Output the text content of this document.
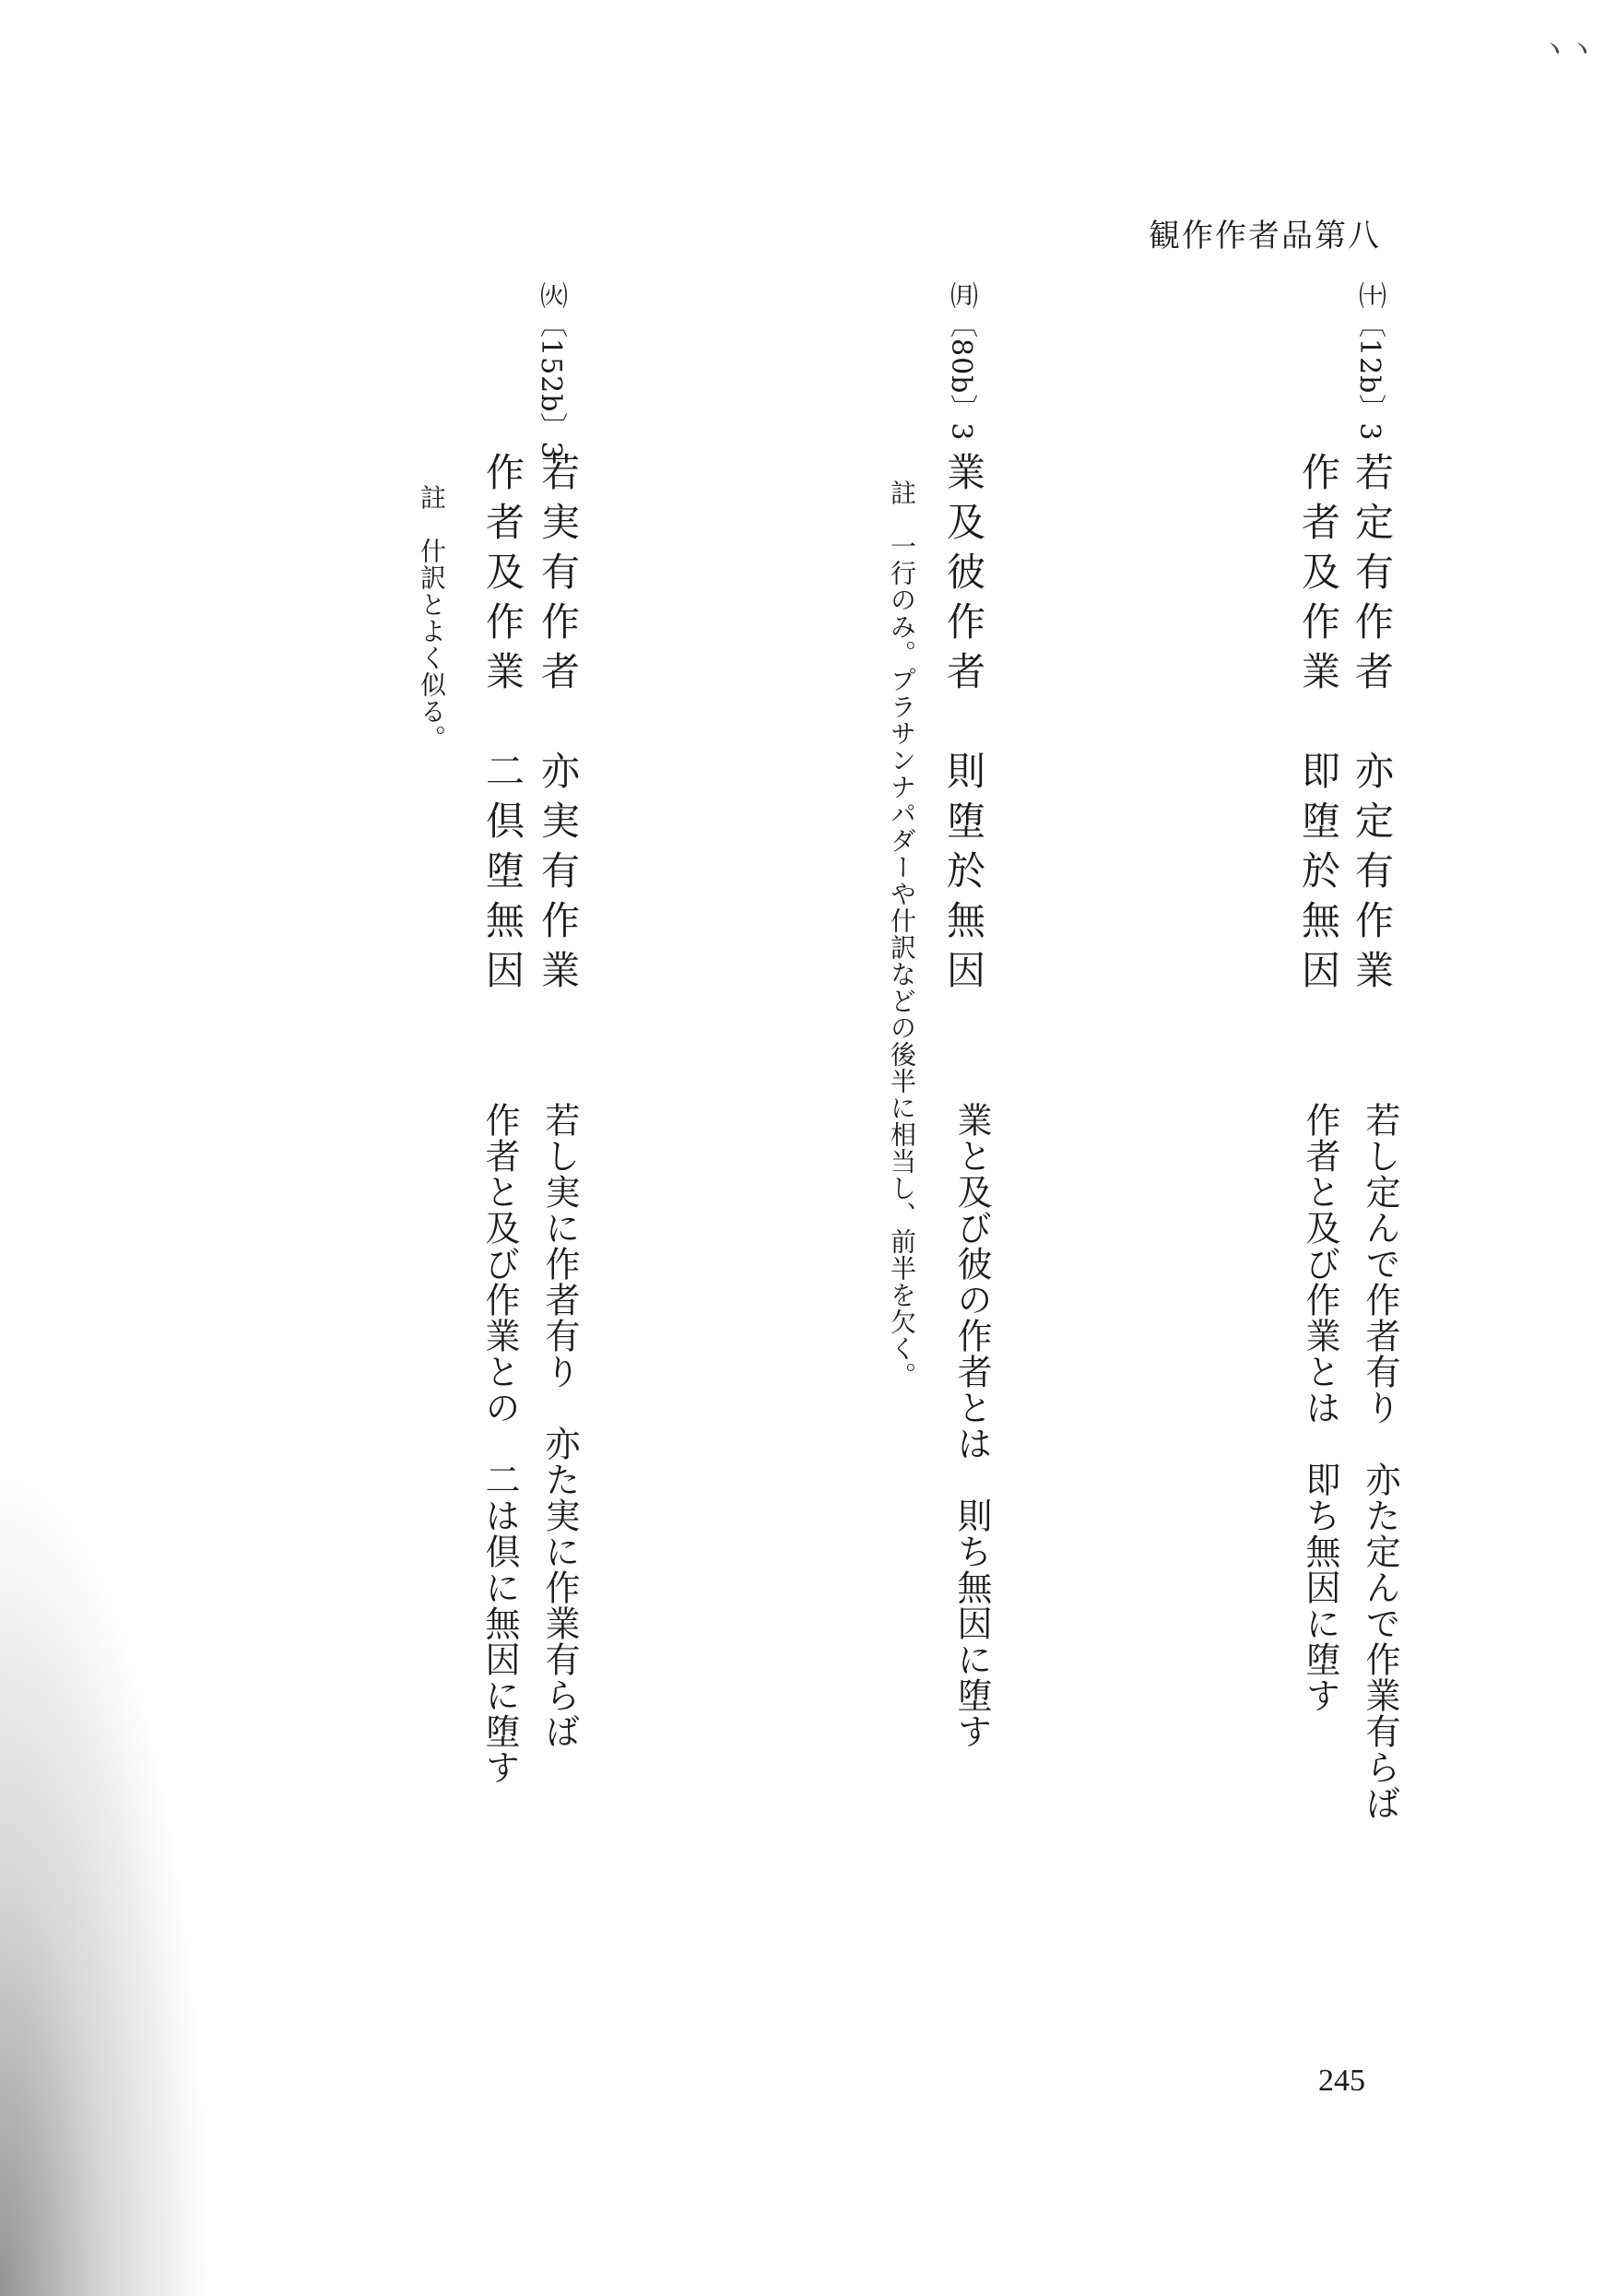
ヽヽ
観作作者品第八
㈩〔12b〕3
若定有作者　亦定有作業
作者及作業　即堕於無因
若し定んで作者有り　亦た定んで作業有らば
作者と及び作業とは　即ち無因に堕す
㈪〔80b〕3
業及彼作者　則堕於無因
業と及び彼の作者とは　則ち無因に堕す
註　一行のみ。プラサンナパダーや什訳などの後半に相当し、前半を欠く。
㈫〔152b〕3
若実有作者　亦実有作業
作者及作業　二倶堕無因
若し実に作者有り　亦た実に作業有らば
作者と及び作業との　二は倶に無因に堕す
註　什訳とよく似る。
245
